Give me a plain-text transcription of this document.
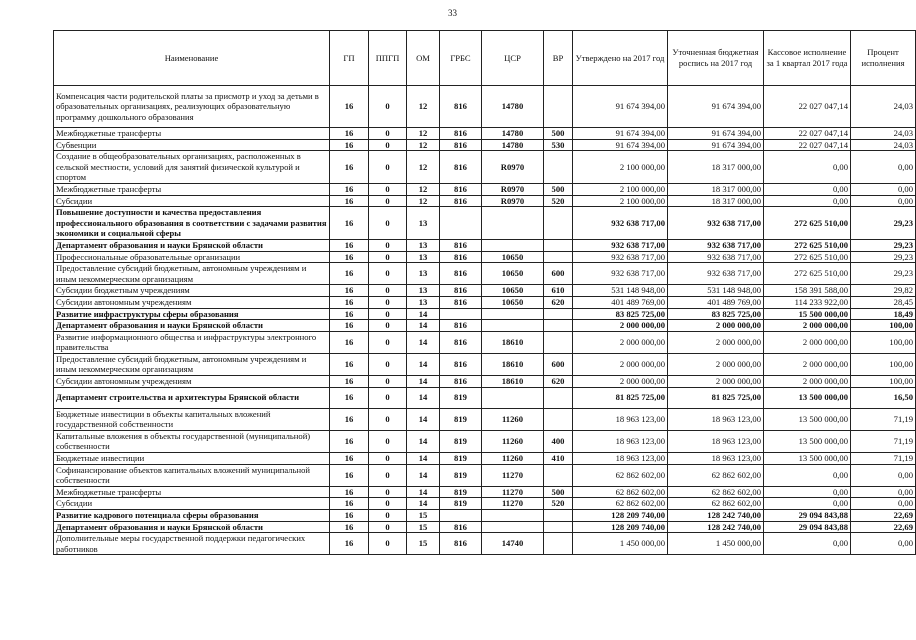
33
Наименование	ГП	ППГП	ОМ	ГРБС	ЦСР	ВР	Утверждено на 2017 год	Уточненная бюджетная роспись на 2017 год	Кассовое исполнение за 1 квартал 2017 года	Процент исполнения
Компенсация части родительской платы за присмотр и уход за детьми в образовательных организациях, реализующих образовательную программу дошкольного образования	16	0	12	816	14780		91 674 394,00	91 674 394,00	22 027 047,14	24,03
Межбюджетные трансферты	16	0	12	816	14780	500	91 674 394,00	91 674 394,00	22 027 047,14	24,03
Субвенции	16	0	12	816	14780	530	91 674 394,00	91 674 394,00	22 027 047,14	24,03
Создание в общеобразовательных организациях, расположенных в сельской местности, условий для занятий физической культурой и спортом	16	0	12	816	R0970		2 100 000,00	18 317 000,00	0,00	0,00
Межбюджетные трансферты	16	0	12	816	R0970	500	2 100 000,00	18 317 000,00	0,00	0,00
Субсидии	16	0	12	816	R0970	520	2 100 000,00	18 317 000,00	0,00	0,00
Повышение доступности и качества предоставления профессионального образования в соответствии с задачами развития экономики и социальной сферы	16	0	13				932 638 717,00	932 638 717,00	272 625 510,00	29,23
Департамент образования и науки Брянской области	16	0	13	816			932 638 717,00	932 638 717,00	272 625 510,00	29,23
Профессиональные образовательные организации	16	0	13	816	10650		932 638 717,00	932 638 717,00	272 625 510,00	29,23
Предоставление субсидий бюджетным, автономным учреждениям и иным некоммерческим организациям	16	0	13	816	10650	600	932 638 717,00	932 638 717,00	272 625 510,00	29,23
Субсидии бюджетным учреждениям	16	0	13	816	10650	610	531 148 948,00	531 148 948,00	158 391 588,00	29,82
Субсидии автономным учреждениям	16	0	13	816	10650	620	401 489 769,00	401 489 769,00	114 233 922,00	28,45
Развитие инфраструктуры сферы образования	16	0	14				83 825 725,00	83 825 725,00	15 500 000,00	18,49
Департамент образования и науки Брянской области	16	0	14	816			2 000 000,00	2 000 000,00	2 000 000,00	100,00
Развитие информационного общества и инфраструктуры электронного правительства	16	0	14	816	18610		2 000 000,00	2 000 000,00	2 000 000,00	100,00
Предоставление субсидий бюджетным, автономным учреждениям и иным некоммерческим организациям	16	0	14	816	18610	600	2 000 000,00	2 000 000,00	2 000 000,00	100,00
Субсидии автономным учреждениям	16	0	14	816	18610	620	2 000 000,00	2 000 000,00	2 000 000,00	100,00
Департамент строительства и архитектуры Брянской области	16	0	14	819			81 825 725,00	81 825 725,00	13 500 000,00	16,50
Бюджетные инвестиции в объекты капитальных вложений государственной собственности	16	0	14	819	11260		18 963 123,00	18 963 123,00	13 500 000,00	71,19
Капитальные вложения в объекты государственной (муниципальной) собственности	16	0	14	819	11260	400	18 963 123,00	18 963 123,00	13 500 000,00	71,19
Бюджетные инвестиции	16	0	14	819	11260	410	18 963 123,00	18 963 123,00	13 500 000,00	71,19
Софинансирование объектов капитальных вложений муниципальной собственности	16	0	14	819	11270		62 862 602,00	62 862 602,00	0,00	0,00
Межбюджетные трансферты	16	0	14	819	11270	500	62 862 602,00	62 862 602,00	0,00	0,00
Субсидии	16	0	14	819	11270	520	62 862 602,00	62 862 602,00	0,00	0,00
Развитие кадрового потенциала сферы образования	16	0	15				128 209 740,00	128 242 740,00	29 094 843,88	22,69
Департамент образования и науки Брянской области	16	0	15	816			128 209 740,00	128 242 740,00	29 094 843,88	22,69
Дополнительные меры государственной поддержки педагогических работников	16	0	15	816	14740		1 450 000,00	1 450 000,00	0,00	0,00
